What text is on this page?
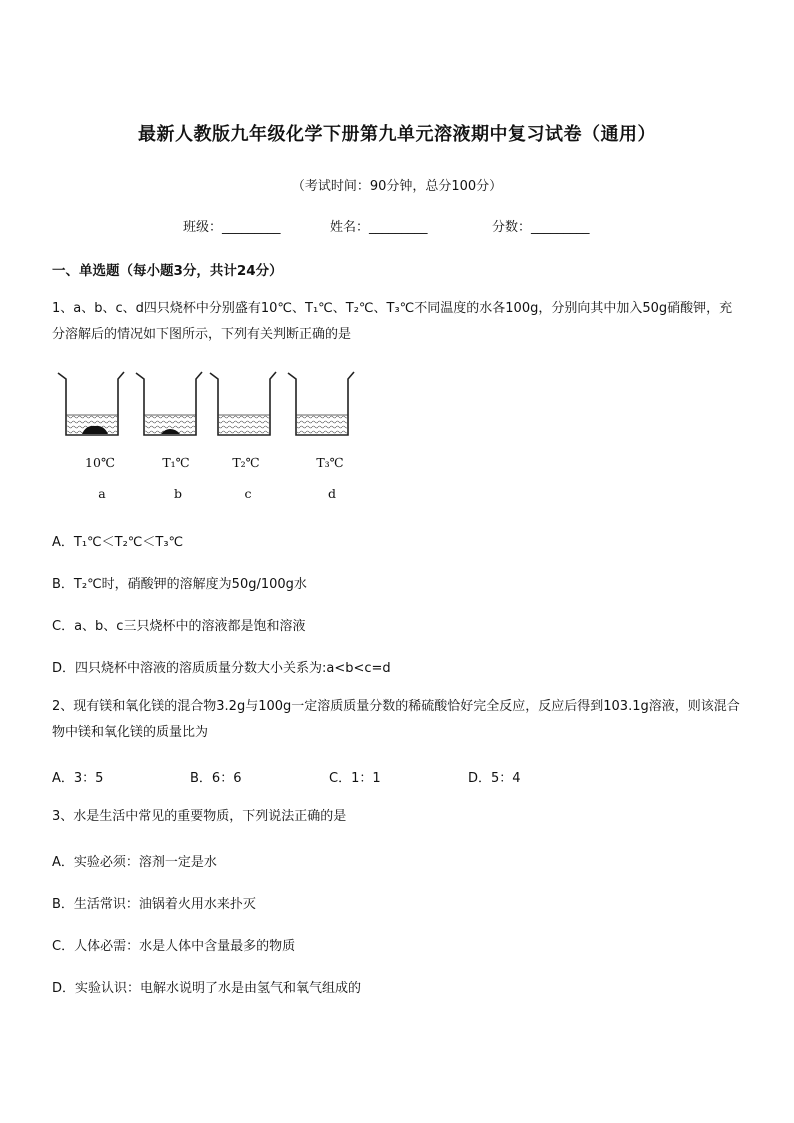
最新人教版九年级化学下册第九单元溶液期中复习试卷（通用）
（考试时间：90分钟，总分100分）
班级：_________	姓名：_________	分数：_________
一、单选题（每小题3分，共计24分）
1、a、b、c、d四只烧杯中分别盛有10℃、T₁℃、T₂℃、T₃℃不同温度的水各100g，分别向其中加入50g硝酸钾，充分溶解后的情况如下图所示，下列有关判断正确的是
10℃	T₁℃	T₂℃	T₃℃
a	b	c	d
A．T₁℃＜T₂℃＜T₃℃
B．T₂℃时，硝酸钾的溶解度为50g/100g水
C．a、b、c三只烧杯中的溶液都是饱和溶液
D．四只烧杯中溶液的溶质质量分数大小关系为:a<b<c=d
2、现有镁和氧化镁的混合物3.2g与100g一定溶质质量分数的稀硫酸恰好完全反应，反应后得到103.1g溶液，则该混合物中镁和氧化镁的质量比为
A．3：5	B．6：6	C．1：1	D．5：4
3、水是生活中常见的重要物质，下列说法正确的是
A．实验必须：溶剂一定是水
B．生活常识：油锅着火用水来扑灭
C．人体必需：水是人体中含量最多的物质
D．实验认识：电解水说明了水是由氢气和氧气组成的
